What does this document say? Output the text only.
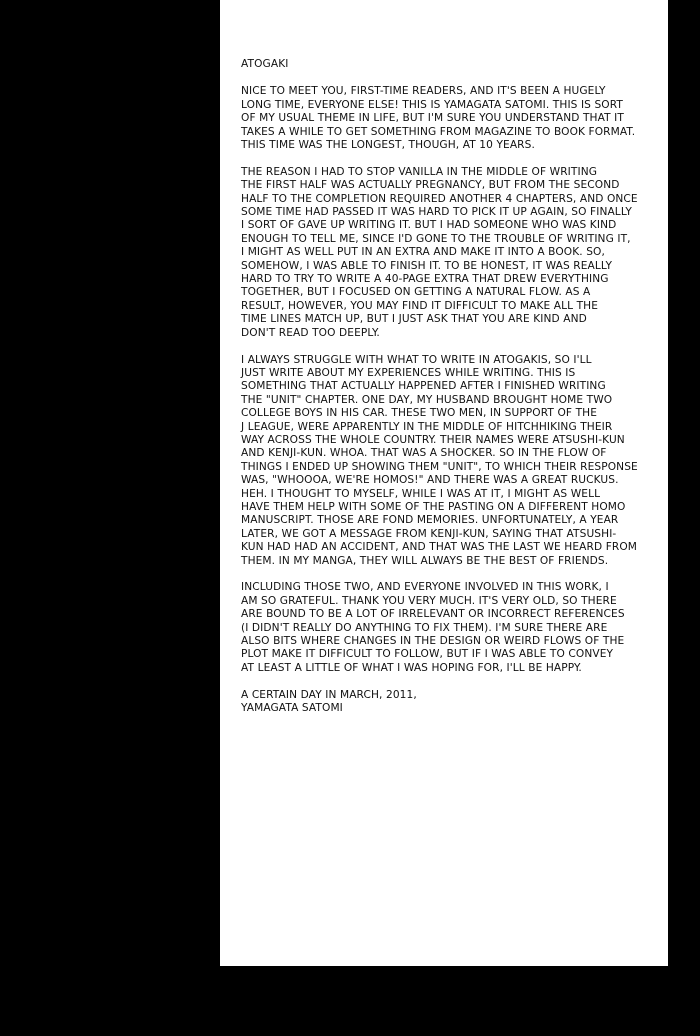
ATOGAKI

NICE TO MEET YOU, FIRST-TIME READERS, AND IT'S BEEN A HUGELY
LONG TIME, EVERYONE ELSE! THIS IS YAMAGATA SATOMI. THIS IS SORT
OF MY USUAL THEME IN LIFE, BUT I'M SURE YOU UNDERSTAND THAT IT
TAKES A WHILE TO GET SOMETHING FROM MAGAZINE TO BOOK FORMAT.
THIS TIME WAS THE LONGEST, THOUGH, AT 10 YEARS.

THE REASON I HAD TO STOP VANILLA IN THE MIDDLE OF WRITING
THE FIRST HALF WAS ACTUALLY PREGNANCY, BUT FROM THE SECOND
HALF TO THE COMPLETION REQUIRED ANOTHER 4 CHAPTERS, AND ONCE
SOME TIME HAD PASSED IT WAS HARD TO PICK IT UP AGAIN, SO FINALLY
I SORT OF GAVE UP WRITING IT. BUT I HAD SOMEONE WHO WAS KIND
ENOUGH TO TELL ME, SINCE I'D GONE TO THE TROUBLE OF WRITING IT,
I MIGHT AS WELL PUT IN AN EXTRA AND MAKE IT INTO A BOOK. SO,
SOMEHOW, I WAS ABLE TO FINISH IT. TO BE HONEST, IT WAS REALLY
HARD TO TRY TO WRITE A 40-PAGE EXTRA THAT DREW EVERYTHING
TOGETHER, BUT I FOCUSED ON GETTING A NATURAL FLOW. AS A
RESULT, HOWEVER, YOU MAY FIND IT DIFFICULT TO MAKE ALL THE
TIME LINES MATCH UP, BUT I JUST ASK THAT YOU ARE KIND AND
DON'T READ TOO DEEPLY.

I ALWAYS STRUGGLE WITH WHAT TO WRITE IN ATOGAKIS, SO I'LL
JUST WRITE ABOUT MY EXPERIENCES WHILE WRITING. THIS IS
SOMETHING THAT ACTUALLY HAPPENED AFTER I FINISHED WRITING
THE "UNIT" CHAPTER. ONE DAY, MY HUSBAND BROUGHT HOME TWO
COLLEGE BOYS IN HIS CAR. THESE TWO MEN, IN SUPPORT OF THE
J LEAGUE, WERE APPARENTLY IN THE MIDDLE OF HITCHHIKING THEIR
WAY ACROSS THE WHOLE COUNTRY. THEIR NAMES WERE ATSUSHI-KUN
AND KENJI-KUN. WHOA. THAT WAS A SHOCKER. SO IN THE FLOW OF
THINGS I ENDED UP SHOWING THEM "UNIT", TO WHICH THEIR RESPONSE
WAS, "WHOOOA, WE'RE HOMOS!" AND THERE WAS A GREAT RUCKUS.
HEH. I THOUGHT TO MYSELF, WHILE I WAS AT IT, I MIGHT AS WELL
HAVE THEM HELP WITH SOME OF THE PASTING ON A DIFFERENT HOMO
MANUSCRIPT. THOSE ARE FOND MEMORIES. UNFORTUNATELY, A YEAR
LATER, WE GOT A MESSAGE FROM KENJI-KUN, SAYING THAT ATSUSHI-
KUN HAD HAD AN ACCIDENT, AND THAT WAS THE LAST WE HEARD FROM
THEM. IN MY MANGA, THEY WILL ALWAYS BE THE BEST OF FRIENDS.

INCLUDING THOSE TWO, AND EVERYONE INVOLVED IN THIS WORK, I
AM SO GRATEFUL. THANK YOU VERY MUCH. IT'S VERY OLD, SO THERE
ARE BOUND TO BE A LOT OF IRRELEVANT OR INCORRECT REFERENCES
(I DIDN'T REALLY DO ANYTHING TO FIX THEM). I'M SURE THERE ARE
ALSO BITS WHERE CHANGES IN THE DESIGN OR WEIRD FLOWS OF THE
PLOT MAKE IT DIFFICULT TO FOLLOW, BUT IF I WAS ABLE TO CONVEY
AT LEAST A LITTLE OF WHAT I WAS HOPING FOR, I'LL BE HAPPY.

A CERTAIN DAY IN MARCH, 2011,
YAMAGATA SATOMI
